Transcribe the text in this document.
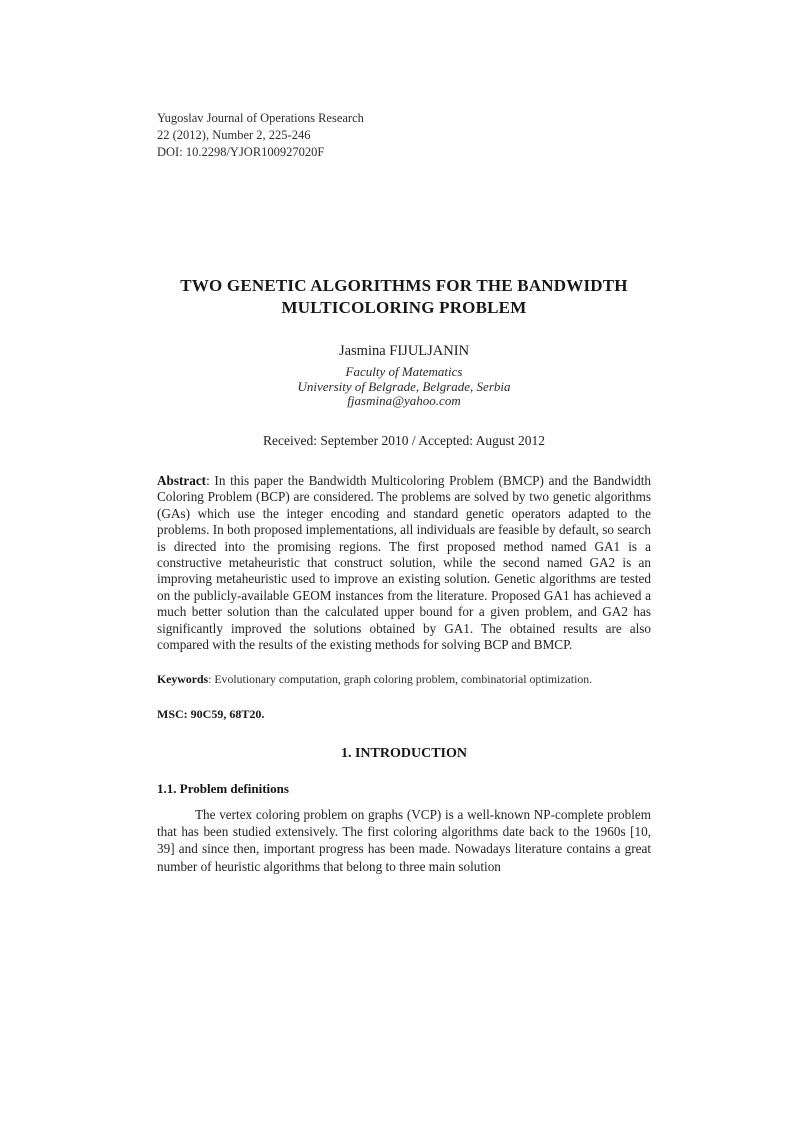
Yugoslav Journal of Operations Research
22 (2012), Number 2, 225-246
DOI: 10.2298/YJOR100927020F
TWO GENETIC ALGORITHMS FOR THE BANDWIDTH MULTICOLORING PROBLEM
Jasmina FIJULJANIN
Faculty of Matematics
University of Belgrade, Belgrade, Serbia
fjasmina@yahoo.com
Received: September 2010 / Accepted: August 2012
Abstract: In this paper the Bandwidth Multicoloring Problem (BMCP) and the Bandwidth Coloring Problem (BCP) are considered. The problems are solved by two genetic algorithms (GAs) which use the integer encoding and standard genetic operators adapted to the problems. In both proposed implementations, all individuals are feasible by default, so search is directed into the promising regions. The first proposed method named GA1 is a constructive metaheuristic that construct solution, while the second named GA2 is an improving metaheuristic used to improve an existing solution. Genetic algorithms are tested on the publicly-available GEOM instances from the literature. Proposed GA1 has achieved a much better solution than the calculated upper bound for a given problem, and GA2 has significantly improved the solutions obtained by GA1. The obtained results are also compared with the results of the existing methods for solving BCP and BMCP.
Keywords: Evolutionary computation, graph coloring problem, combinatorial optimization.
MSC: 90C59, 68T20.
1. INTRODUCTION
1.1. Problem definitions
The vertex coloring problem on graphs (VCP) is a well-known NP-complete problem that has been studied extensively. The first coloring algorithms date back to the 1960s [10, 39] and since then, important progress has been made. Nowadays literature contains a great number of heuristic algorithms that belong to three main solution
